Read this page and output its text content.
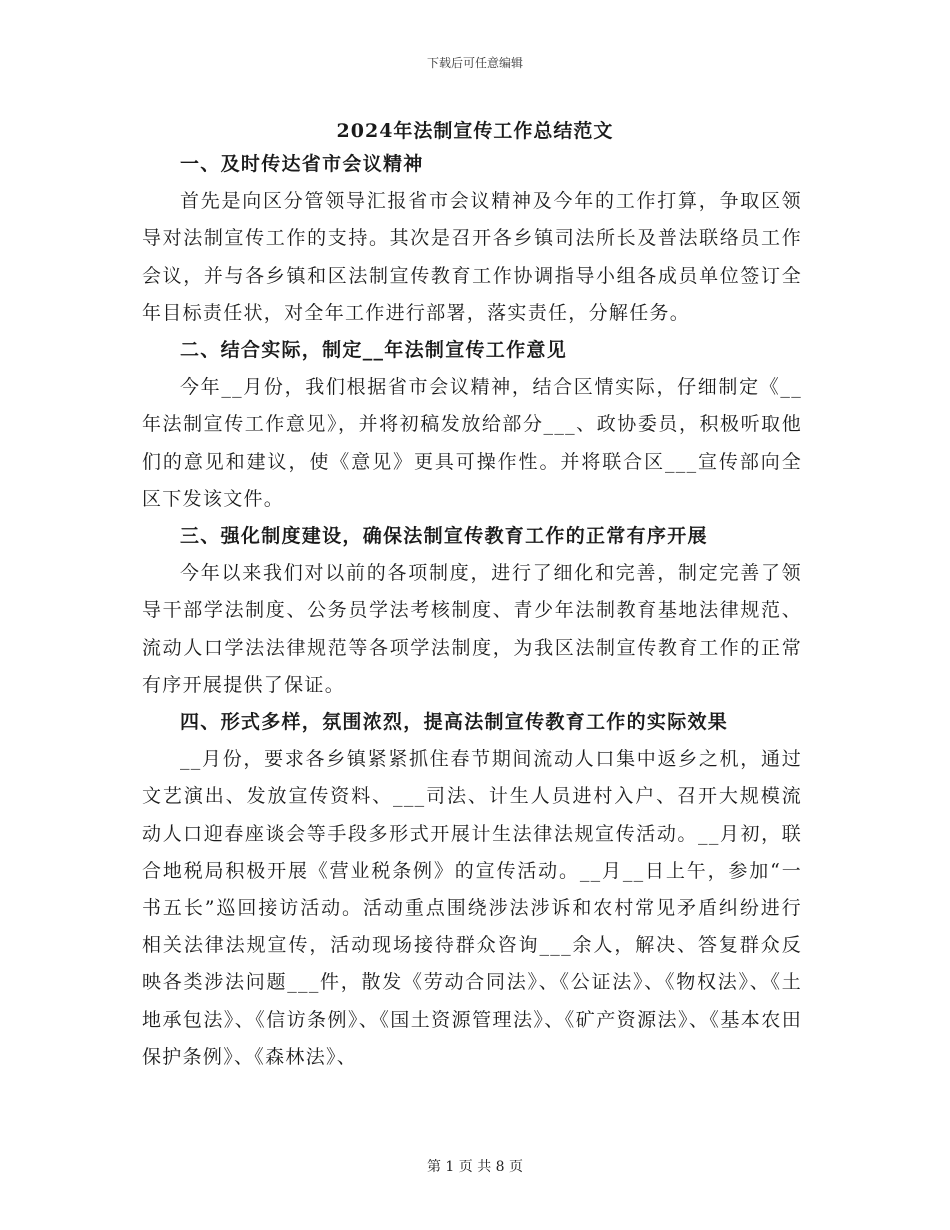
下载后可任意编辑
2024年法制宣传工作总结范文
一、及时传达省市会议精神

首先是向区分管领导汇报省市会议精神及今年的工作打算，争取区领导对法制宣传工作的支持。其次是召开各乡镇司法所长及普法联络员工作会议，并与各乡镇和区法制宣传教育工作协调指导小组各成员单位签订全年目标责任状，对全年工作进行部署，落实责任，分解任务。

二、结合实际，制定__年法制宣传工作意见

今年__月份，我们根据省市会议精神，结合区情实际，仔细制定《__年法制宣传工作意见》，并将初稿发放给部分___、政协委员，积极听取他们的意见和建议，使《意见》更具可操作性。并将联合区___宣传部向全区下发该文件。

三、强化制度建设，确保法制宣传教育工作的正常有序开展

今年以来我们对以前的各项制度，进行了细化和完善，制定完善了领导干部学法制度、公务员学法考核制度、青少年法制教育基地法律规范、流动人口学法法律规范等各项学法制度，为我区法制宣传教育工作的正常有序开展提供了保证。

四、形式多样，氛围浓烈，提高法制宣传教育工作的实际效果

__月份，要求各乡镇紧紧抓住春节期间流动人口集中返乡之机，通过文艺演出、发放宣传资料、___司法、计生人员进村入户、召开大规模流动人口迎春座谈会等手段多形式开展计生法律法规宣传活动。__月初，联合地税局积极开展《营业税条例》的宣传活动。__月__日上午，参加“一书五长”巡回接访活动。活动重点围绕涉法涉诉和农村常见矛盾纠纷进行相关法律法规宣传，活动现场接待群众咨询___余人，解决、答复群众反映各类涉法问题___件，散发《劳动合同法》、《公证法》、《物权法》、《土地承包法》、《信访条例》、《国土资源管理法》、《矿产资源法》、《基本农田保护条例》、《森林法》、

第 1 页 共 8 页
